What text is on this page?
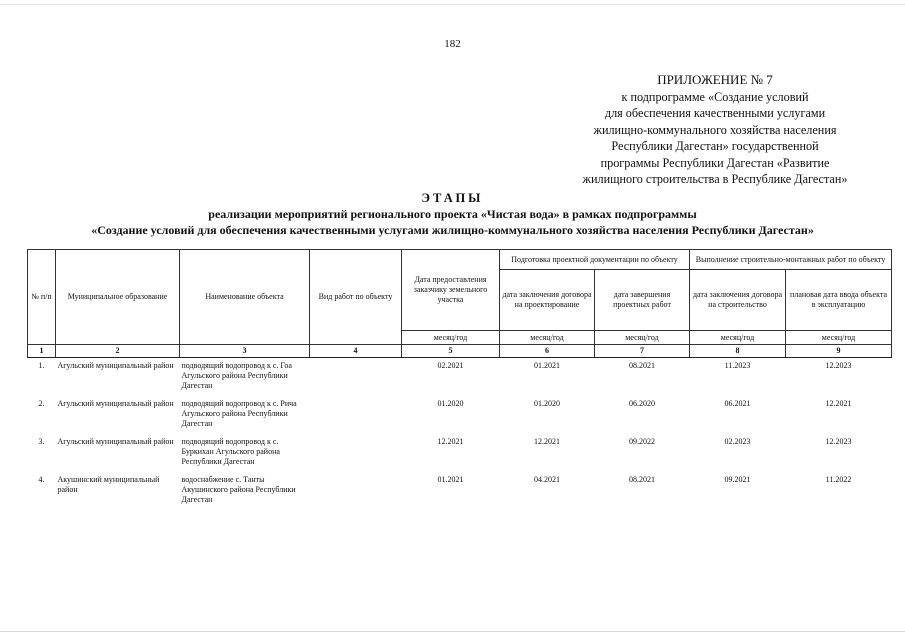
182
ПРИЛОЖЕНИЕ № 7
к подпрограмме «Создание условий
для обеспечения качественными услугами
жилищно-коммунального хозяйства населения
Республики Дагестан» государственной
программы Республики Дагестан «Развитие
жилищного строительства в Республике Дагестан»
ЭТАПЫ
реализации мероприятий регионального проекта «Чистая вода» в рамках подпрограммы
«Создание условий для обеспечения качественными услугами жилищно-коммунального хозяйства населения Республики Дагестан»
№ п/п	Муниципальное образование	Наименование объекта	Вид работ по объекту	Дата предоставления заказчику земельного участка	Подготовка проектной документации по объекту		Выполнение строительно-монтажных работ по объекту	
					дата заключения договора на проектирование	дата завершения проектных работ	дата заключения договора на строительство	плановая дата ввода объекта в эксплуатацию
				месяц/год	месяц/год	месяц/год	месяц/год	месяц/год
1	2	3	4	5	6	7	8	9
1.	Агульский муниципальный район	подводящий водопровод к с. Гоа Агульского района Республики Дагестан		02.2021	01.2021	08.2021	11.2023	12.2023
2.	Агульский муниципальный район	подводящий водопровод к с. Рича Агульского района Республики Дагестан		01.2020	01.2020	06.2020	06.2021	12.2021
3.	Агульский муниципальный район	подводящий водопровод к с. Буркихан Агульского района Республики Дагестан		12.2021	12.2021	09.2022	02.2023	12.2023
4.	Акушинский муниципальный район	водоснабжение с. Танты Акушинского района Республики Дагестан		01.2021	04.2021	08.2021	09.2021	11.2022
